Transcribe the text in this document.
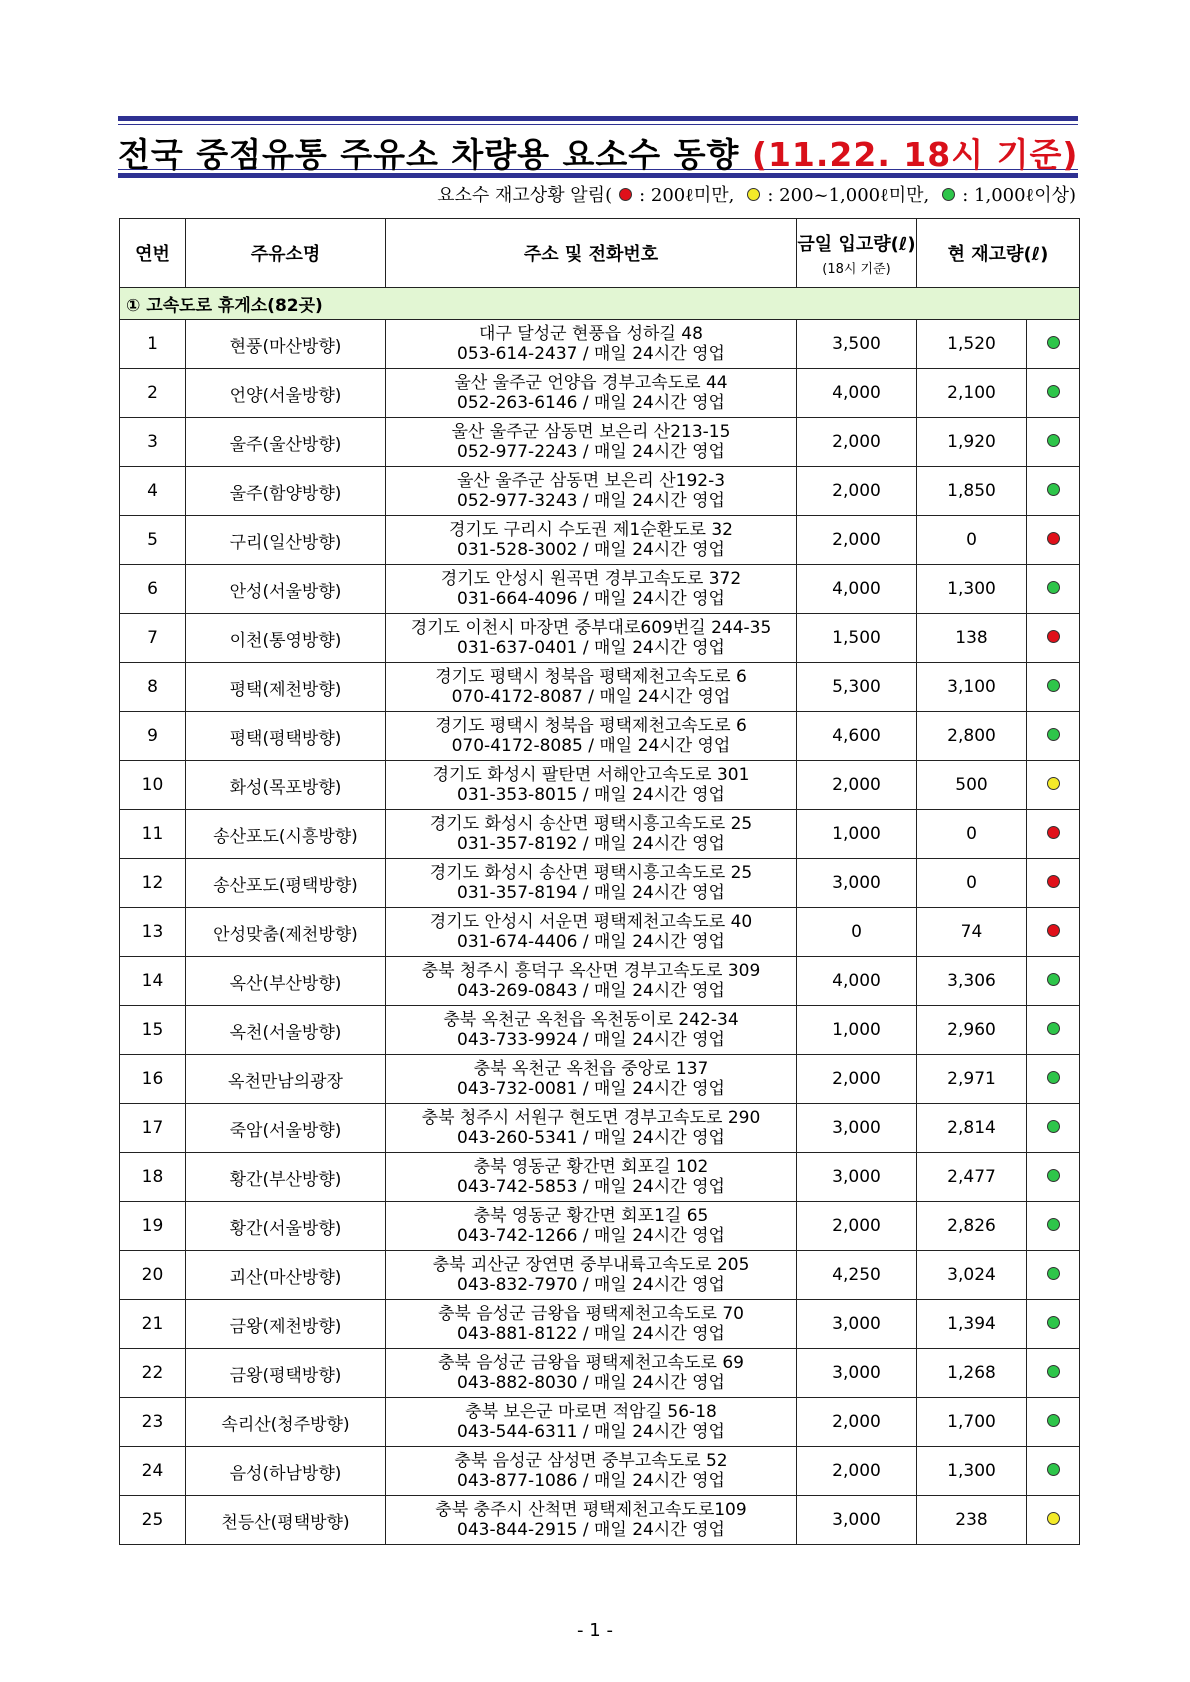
전국 중점유통 주유소 차량용 요소수 동향 (11.22. 18시 기준)
요소수 재고상황 알림( : 200ℓ미만, : 200~1,000ℓ미만, : 1,000ℓ이상)
연번	주유소명	주소 및 전화번호	금일 입고량(ℓ)
(18시 기준)	현 재고량(ℓ)	
① 고속도로 휴게소(82곳)					
1	현풍(마산방향)	대구 달성군 현풍읍 성하길 48
053-614-2437 / 매일 24시간 영업	3,500	1,520	
2	언양(서울방향)	울산 울주군 언양읍 경부고속도로 44
052-263-6146 / 매일 24시간 영업	4,000	2,100	
3	울주(울산방향)	울산 울주군 삼동면 보은리 산213-15
052-977-2243 / 매일 24시간 영업	2,000	1,920	
4	울주(함양방향)	울산 울주군 삼동면 보은리 산192-3
052-977-3243 / 매일 24시간 영업	2,000	1,850	
5	구리(일산방향)	경기도 구리시 수도권 제1순환도로 32
031-528-3002 / 매일 24시간 영업	2,000	0	
6	안성(서울방향)	경기도 안성시 원곡면 경부고속도로 372
031-664-4096 / 매일 24시간 영업	4,000	1,300	
7	이천(통영방향)	경기도 이천시 마장면 중부대로609번길 244-35
031-637-0401 / 매일 24시간 영업	1,500	138	
8	평택(제천방향)	경기도 평택시 청북읍 평택제천고속도로 6
070-4172-8087 / 매일 24시간 영업	5,300	3,100	
9	평택(평택방향)	경기도 평택시 청북읍 평택제천고속도로 6
070-4172-8085 / 매일 24시간 영업	4,600	2,800	
10	화성(목포방향)	경기도 화성시 팔탄면 서해안고속도로 301
031-353-8015 / 매일 24시간 영업	2,000	500	
11	송산포도(시흥방향)	경기도 화성시 송산면 평택시흥고속도로 25
031-357-8192 / 매일 24시간 영업	1,000	0	
12	송산포도(평택방향)	경기도 화성시 송산면 평택시흥고속도로 25
031-357-8194 / 매일 24시간 영업	3,000	0	
13	안성맞춤(제천방향)	경기도 안성시 서운면 평택제천고속도로 40
031-674-4406 / 매일 24시간 영업	0	74	
14	옥산(부산방향)	충북 청주시 흥덕구 옥산면 경부고속도로 309
043-269-0843 / 매일 24시간 영업	4,000	3,306	
15	옥천(서울방향)	충북 옥천군 옥천읍 옥천동이로 242-34
043-733-9924 / 매일 24시간 영업	1,000	2,960	
16	옥천만남의광장	충북 옥천군 옥천읍 중앙로 137
043-732-0081 / 매일 24시간 영업	2,000	2,971	
17	죽암(서울방향)	충북 청주시 서원구 현도면 경부고속도로 290
043-260-5341 / 매일 24시간 영업	3,000	2,814	
18	황간(부산방향)	충북 영동군 황간면 회포길 102
043-742-5853 / 매일 24시간 영업	3,000	2,477	
19	황간(서울방향)	충북 영동군 황간면 회포1길 65
043-742-1266 / 매일 24시간 영업	2,000	2,826	
20	괴산(마산방향)	충북 괴산군 장연면 중부내륙고속도로 205
043-832-7970 / 매일 24시간 영업	4,250	3,024	
21	금왕(제천방향)	충북 음성군 금왕읍 평택제천고속도로 70
043-881-8122 / 매일 24시간 영업	3,000	1,394	
22	금왕(평택방향)	충북 음성군 금왕읍 평택제천고속도로 69
043-882-8030 / 매일 24시간 영업	3,000	1,268	
23	속리산(청주방향)	충북 보은군 마로면 적암길 56-18
043-544-6311 / 매일 24시간 영업	2,000	1,700	
24	음성(하남방향)	충북 음성군 삼성면 중부고속도로 52
043-877-1086 / 매일 24시간 영업	2,000	1,300	
25	천등산(평택방향)	충북 충주시 산척면 평택제천고속도로109
043-844-2915 / 매일 24시간 영업	3,000	238	
- 1 -
